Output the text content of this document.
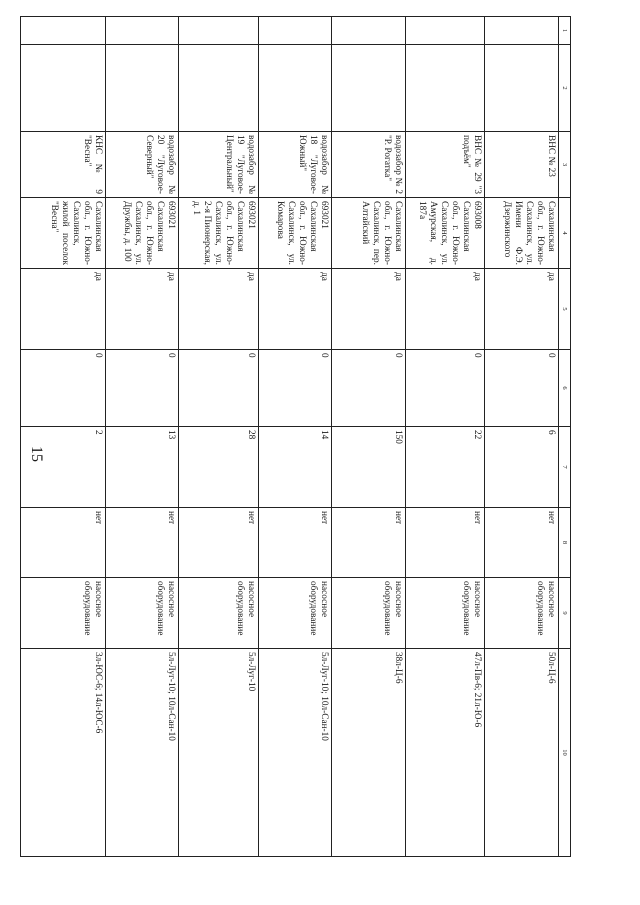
15
1	2	3	4	5	6	7	8	9	10
		ВНС № 23	Сахалинская обл., г. Южно-Сахалинск, ул. Имени Ф.Э. Дзержинского	да	0	6	нет	насосное оборудование	50л-Ц-6
		ВНС № 29 "3 подъём"	693008 Сахалинская обл., г. Южно-Сахалинск, ул. Амурская, д. 187а	да	0	22	нет	насосное оборудование	47л-Пв-6; 21л-Ю-6
		водозабор № 2 "Р. Рогатка"	Сахалинская обл., г. Южно-Сахалинск, пер. Алтайский	да	0	150	нет	насосное оборудование	38л-Ц-6
		водозабор № 18 "Луговое-Южный"	693021 Сахалинская обл., г. Южно-Сахалинск, ул. Комарова	да	0	14	нет	насосное оборудование	5л-Луг-10; 10л-Сан-10
		водозабор № 19 "Луговое-Центральный"	693021 Сахалинская обл., г. Южно-Сахалинск, ул. 2-я Пионерская, д. 1	да	0	28	нет	насосное оборудование	5л-Луг-10
		водозабор № 20 "Луговое-Северный"	693021 Сахалинская обл., г. Южно-Сахалинск, ул. Дружбы, д. 100	да	0	13	нет	насосное оборудование	5л-Луг-10; 10л-Сан-10
		КНС № 9 "Весна"	Сахалинская обл., г. Южно-Сахалинск, жилой поселок "Весна"	да	0	2	нет	насосное оборудование	3л-ЮС-6; 14л-ЮС-6
